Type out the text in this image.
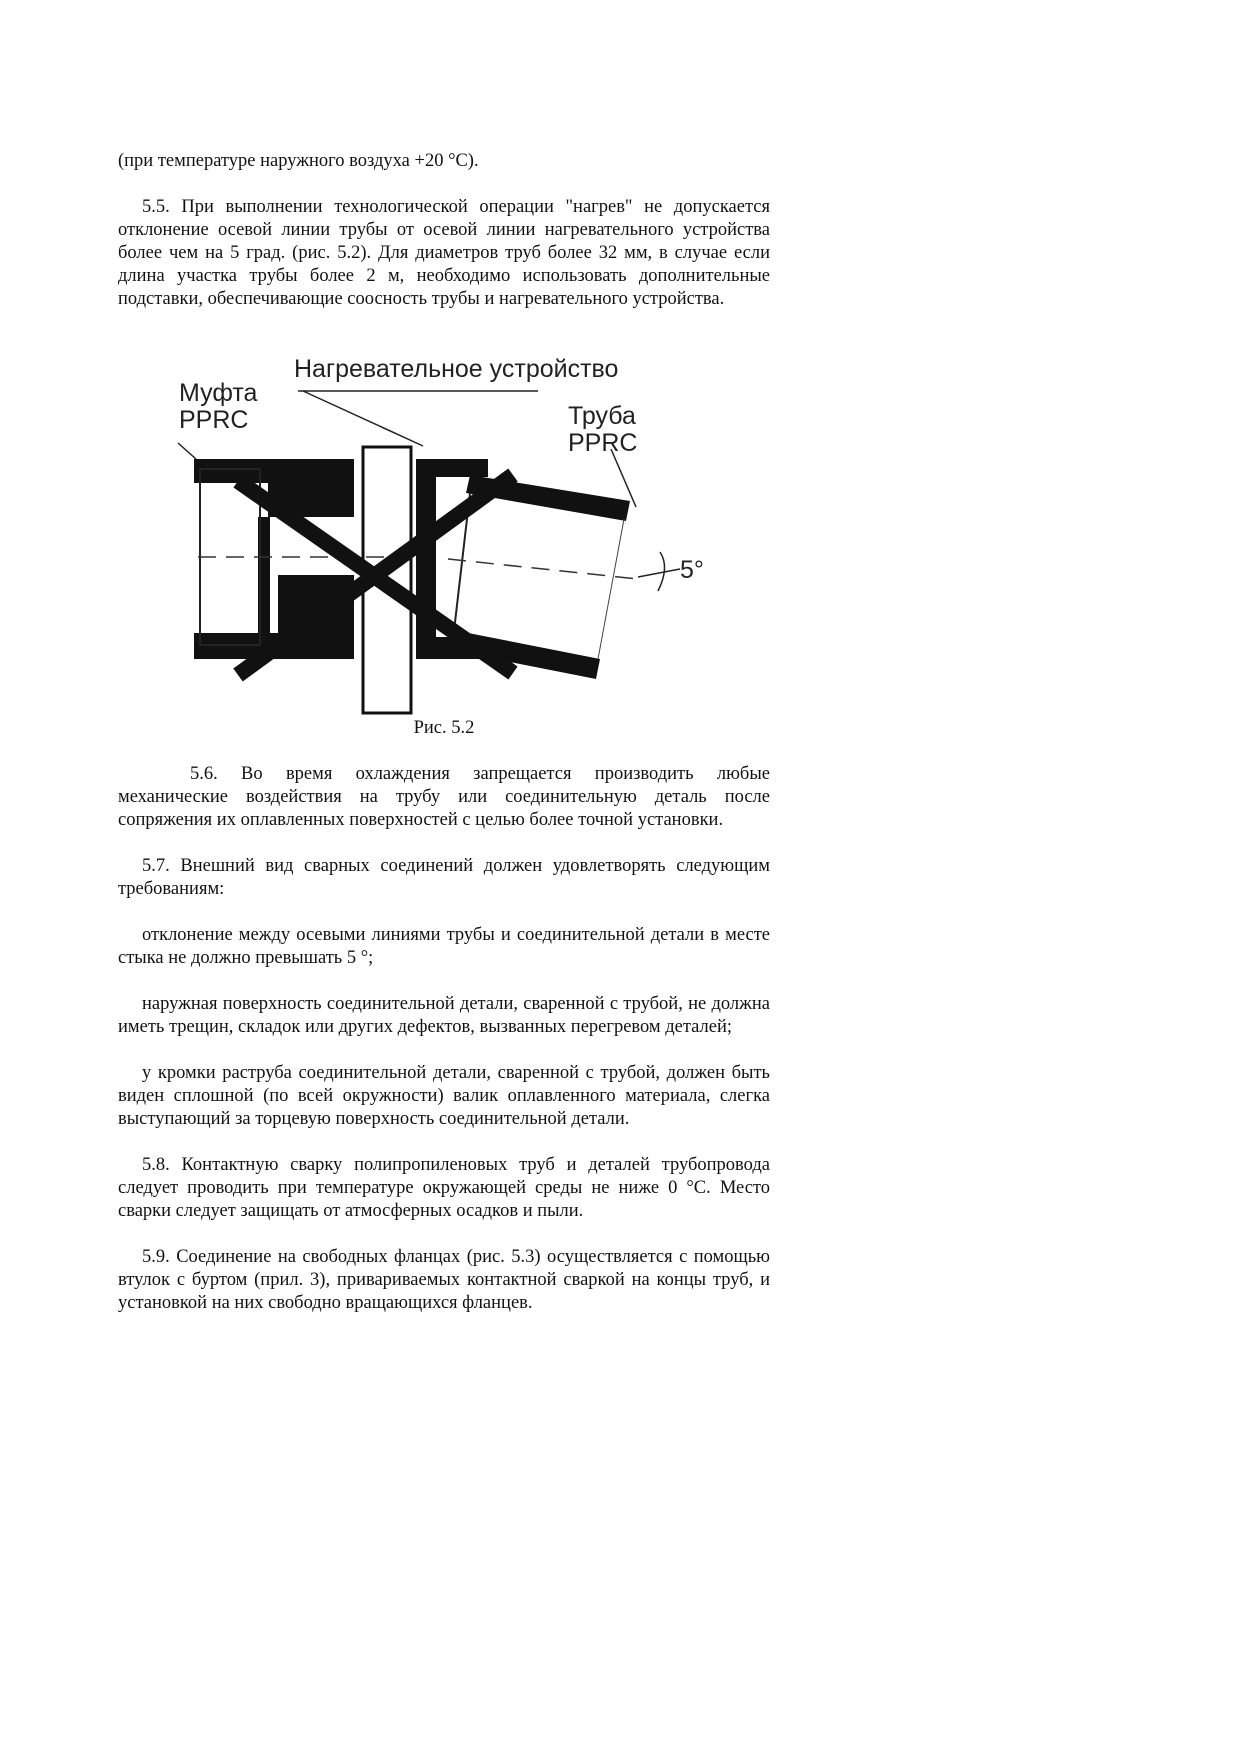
(при температуре наружного воздуха +20 °С).

5.5. При выполнении технологической операции "нагрев" не допускается отклонение осевой линии трубы от осевой линии нагревательного устройства более чем на 5 град. (рис. 5.2). Для диаметров труб более 32 мм, в случае если длина участка трубы более 2 м, необходимо использовать дополнительные подставки, обеспечивающие соосность трубы и нагревательного устройства.

Нагревательное устройство
Муфта
PPRC	Труба
PPRC
5°

Рис. 5.2

5.6. Во время охлаждения запрещается производить любые механические воздействия на трубу или соединительную деталь после сопряжения их оплавленных поверхностей с целью более точной установки.

5.7. Внешний вид сварных соединений должен удовлетворять следующим требованиям:

отклонение между осевыми линиями трубы и соединительной детали в месте стыка не должно превышать 5 °;

наружная поверхность соединительной детали, сваренной с трубой, не должна иметь трещин, складок или других дефектов, вызванных перегревом деталей;

у кромки раструба соединительной детали, сваренной с трубой, должен быть виден сплошной (по всей окружности) валик оплавленного материала, слегка выступающий за торцевую поверхность соединительной детали.

5.8. Контактную сварку полипропиленовых труб и деталей трубопровода следует проводить при температуре окружающей среды не ниже 0 °С. Место сварки следует защищать от атмосферных осадков и пыли.

5.9. Соединение на свободных фланцах (рис. 5.3) осуществляется с помощью втулок с буртом (прил. 3), привариваемых контактной сваркой на концы труб, и установкой на них свободно вращающихся фланцев.
